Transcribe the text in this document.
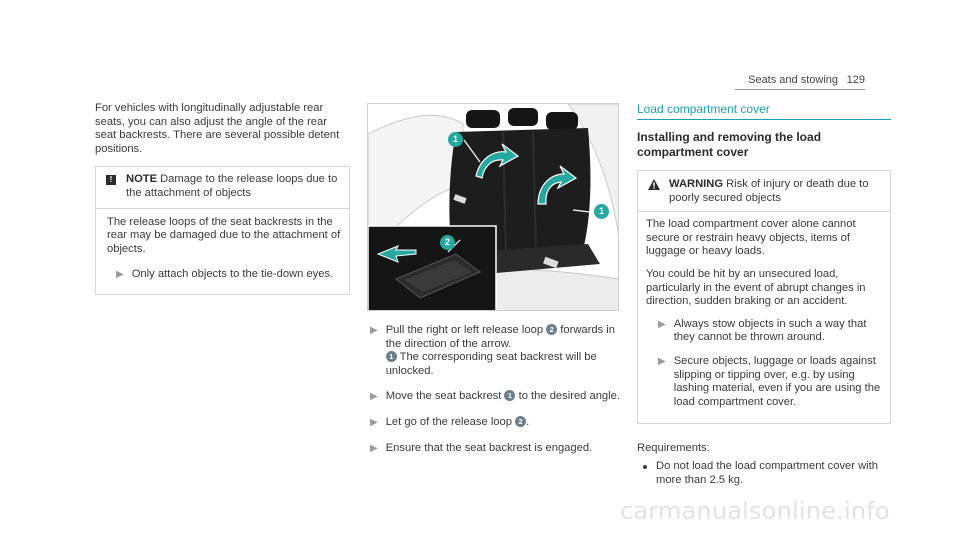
Seats and stowing 129

For vehicles with longitudinally adjustable rear seats, you can also adjust the angle of the rear seat backrests. There are several possible detent positions.

!	NOTE Damage to the release loops due to the attachment of objects

The release loops of the seat backrests in the rear may be damaged due to the attachment of objects.

▶ Only attach objects to the tie-down eyes.
1
1
2
▶ Pull the right or left release loop 2 forwards in the direction of the arrow.
1 The corresponding seat backrest will be unlocked.
▶ Move the seat backrest 1 to the desired angle.
▶ Let go of the release loop 2 .
▶ Ensure that the seat backrest is engaged.
Load compartment cover
Installing and removing the load compartment cover
WARNING Risk of injury or death due to poorly secured objects

The load compartment cover alone cannot secure or restrain heavy objects, items of luggage or heavy loads.

You could be hit by an unsecured load, particularly in the event of abrupt changes in direction, sudden braking or an accident.

▶ Always stow objects in such a way that they cannot be thrown around.
▶ Secure objects, luggage or loads against slipping or tipping over, e.g. by using lashing material, even if you are using the load compartment cover.

Requirements:

Do not load the load compartment cover with more than 2.5 kg.
carmanualsonline.info
